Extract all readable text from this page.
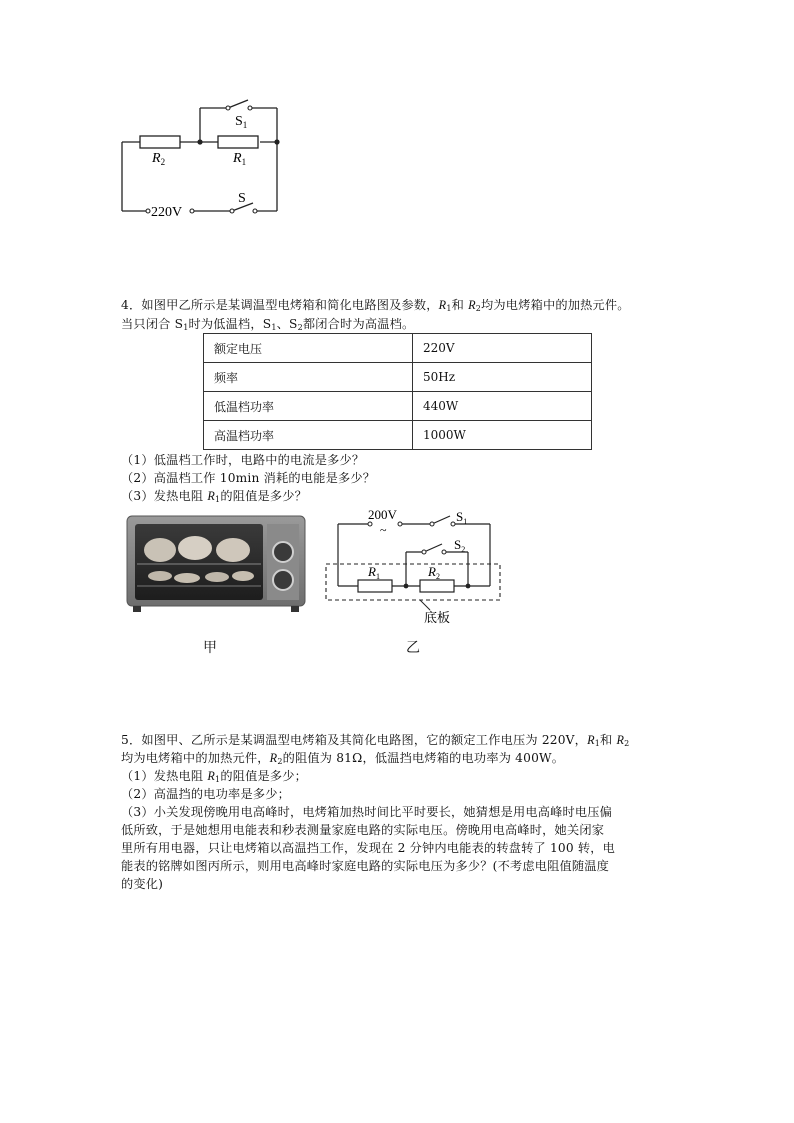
$S_1$
$R_2$	$R_1$
S
220V
4．如图甲乙所示是某调温型电烤箱和简化电路图及参数，$R_1$和 $R_2$均为电烤箱中的加热元件。
当只闭合 $S_1$时为低温档，$S_1$、$S_2$都闭合时为高温档。
额定电压	220V
频率	50Hz
低温档功率	440W
高温档功率	1000W
（1）低温档工作时，电路中的电流是多少？
（2）高温档工作 10min 消耗的电能是多少？
（3）发热电阻 $R_1$的阻值是多少？
200V
~
$S_1$
$S_2$
$R_1$	$R_2$
底板
甲	乙
5．如图甲、乙所示是某调温型电烤箱及其简化电路图，它的额定工作电压为 220V，$R_1$和 $R_2$
均为电烤箱中的加热元件，$R_2$的阻值为 81Ω，低温挡电烤箱的电功率为 400W。
（1）发热电阻 $R_1$的阻值是多少；
（2）高温挡的电功率是多少；
（3）小关发现傍晚用电高峰时，电烤箱加热时间比平时要长，她猜想是用电高峰时电压偏
低所致，于是她想用电能表和秒表测量家庭电路的实际电压。傍晚用电高峰时，她关闭家
里所有用电器，只让电烤箱以高温挡工作，发现在 2 分钟内电能表的转盘转了 100 转，电
能表的铭牌如图丙所示，则用电高峰时家庭电路的实际电压为多少？(不考虑电阻值随温度
的变化)
